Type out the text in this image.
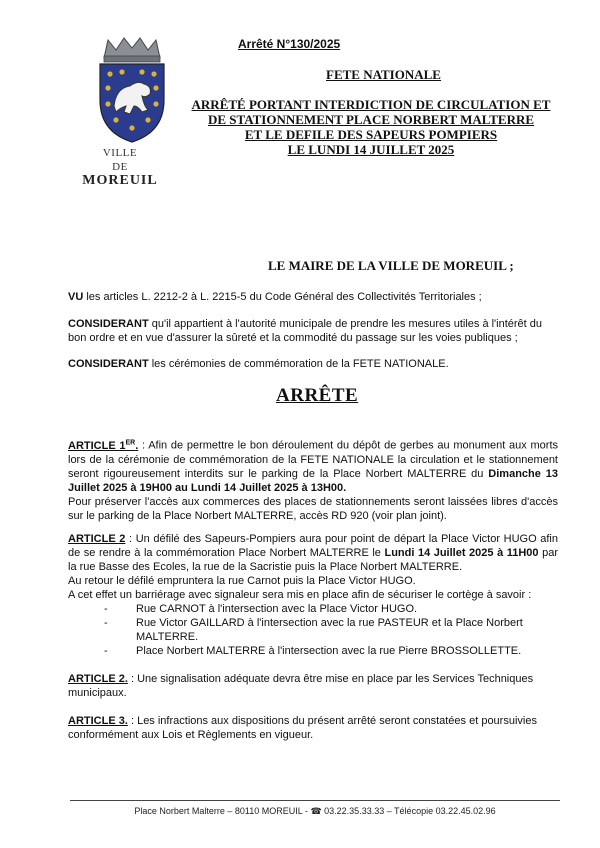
VILLE
DE
MOREUIL
Arrêté N°130/2025
FETE NATIONALE
ARRÊTÉ PORTANT INTERDICTION DE CIRCULATION ET
DE STATIONNEMENT PLACE NORBERT MALTERRE
ET LE DEFILE DES SAPEURS POMPIERS
LE LUNDI 14 JUILLET 2025
LE MAIRE DE LA VILLE DE MOREUIL ;

VU les articles L. 2212-2 à L. 2215-5 du Code Général des Collectivités Territoriales ;

CONSIDERANT qu'il appartient à l'autorité municipale de prendre les mesures utiles à l'intérêt du bon ordre et en vue d'assurer la sûreté et la commodité du passage sur les voies publiques ;

CONSIDERANT les cérémonies de commémoration de la FETE NATIONALE.

ARRÊTE

ARTICLE 1ER. : Afin de permettre le bon déroulement du dépôt de gerbes au monument aux morts lors de la cérémonie de commémoration de la FETE NATIONALE la circulation et le stationnement seront rigoureusement interdits sur le parking de la Place Norbert MALTERRE du Dimanche 13 Juillet 2025 à 19H00 au Lundi 14 Juillet 2025 à 13H00.
Pour préserver l'accès aux commerces des places de stationnements seront laissées libres d'accès sur le parking de la Place Norbert MALTERRE, accès RD 920 (voir plan joint).

ARTICLE 2 : Un défilé des Sapeurs-Pompiers aura pour point de départ la Place Victor HUGO afin de se rendre à la commémoration Place Norbert MALTERRE le Lundi 14 Juillet 2025 à 11H00 par la rue Basse des Ecoles, la rue de la Sacristie puis la Place Norbert MALTERRE.

Au retour le défilé empruntera la rue Carnot puis la Place Victor HUGO.

A cet effet un barriérage avec signaleur sera mis en place afin de sécuriser le cortège à savoir :

- Rue CARNOT à l'intersection avec la Place Victor HUGO.
- Rue Victor GAILLARD à l'intersection avec la rue PASTEUR et la Place Norbert MALTERRE.
- Place Norbert MALTERRE à l'intersection avec la rue Pierre BROSSOLLETTE.

ARTICLE 2. : Une signalisation adéquate devra être mise en place par les Services Techniques municipaux.

ARTICLE 3. : Les infractions aux dispositions du présent arrêté seront constatées et poursuivies conformément aux Lois et Règlements en vigueur.

Place Norbert Malterre – 80110 MOREUIL - ☎ 03.22.35.33.33 – Télécopie 03.22.45.02.96
